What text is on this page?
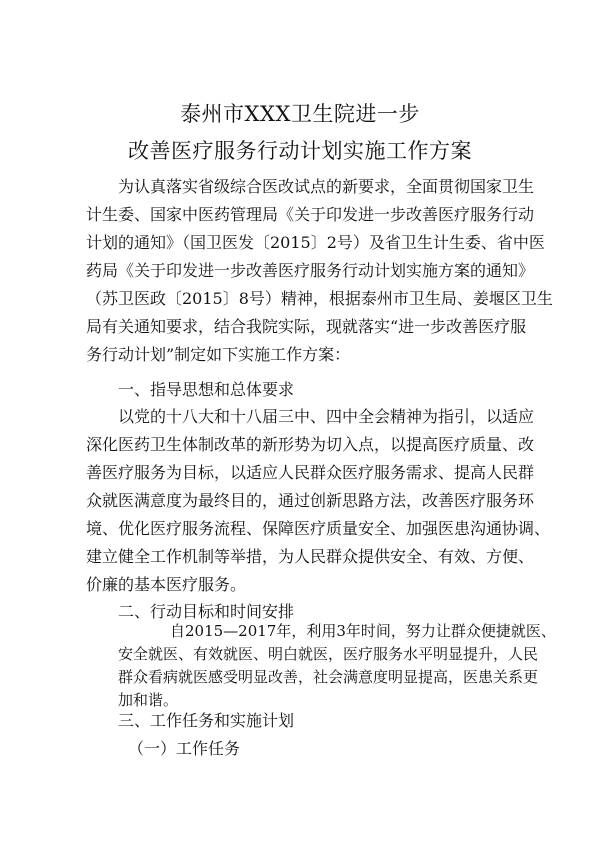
泰州市XXX卫生院进一步
改善医疗服务行动计划实施工作方案
为认真落实省级综合医改试点的新要求，全面贯彻国家卫生
计生委、国家中医药管理局《关于印发进一步改善医疗服务行动
计划的通知》（国卫医发〔2015〕2号）及省卫生计生委、省中医
药局《关于印发进一步改善医疗服务行动计划实施方案的通知》
（苏卫医政〔2015〕8号）精神，根据泰州市卫生局、姜堰区卫生
局有关通知要求，结合我院实际，现就落实“进一步改善医疗服
务行动计划”制定如下实施工作方案：
一、指导思想和总体要求
以党的十八大和十八届三中、四中全会精神为指引，以适应
深化医药卫生体制改革的新形势为切入点，以提高医疗质量、改
善医疗服务为目标，以适应人民群众医疗服务需求、提高人民群
众就医满意度为最终目的，通过创新思路方法，改善医疗服务环
境、优化医疗服务流程、保障医疗质量安全、加强医患沟通协调、
建立健全工作机制等举措，为人民群众提供安全、有效、方便、
价廉的基本医疗服务。
二、行动目标和时间安排
自2015—2017年，利用3年时间，努力让群众便捷就医、
安全就医、有效就医、明白就医，医疗服务水平明显提升，人民
群众看病就医感受明显改善，社会满意度明显提高，医患关系更
加和谐。
三、工作任务和实施计划
（一）工作任务
